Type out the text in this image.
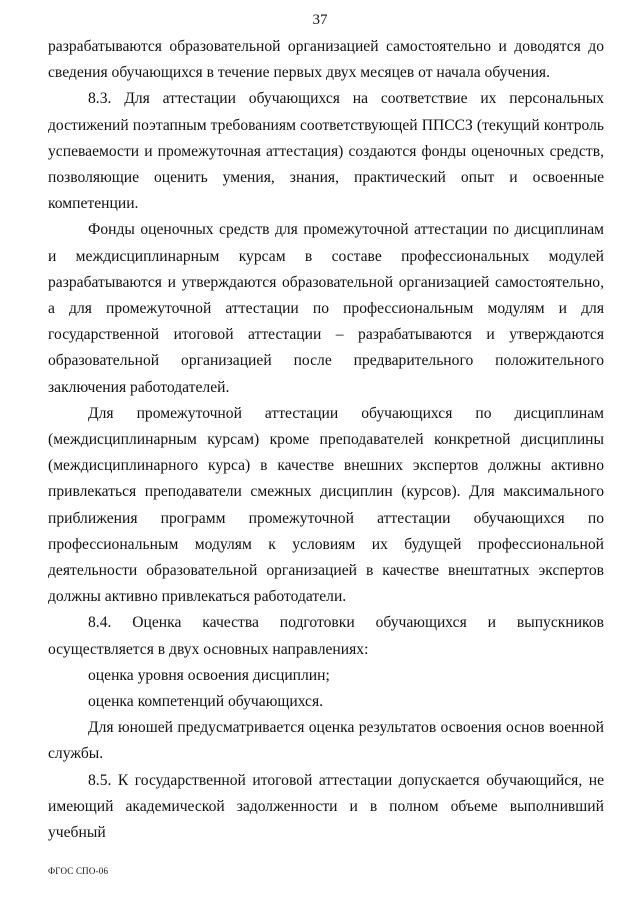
37

разрабатываются образовательной организацией самостоятельно и доводятся до сведения обучающихся в течение первых двух месяцев от начала обучения.

8.3. Для аттестации обучающихся на соответствие их персональных достижений поэтапным требованиям соответствующей ППССЗ (текущий контроль успеваемости и промежуточная аттестация) создаются фонды оценочных средств, позволяющие оценить умения, знания, практический опыт и освоенные компетенции.

Фонды оценочных средств для промежуточной аттестации по дисциплинам и междисциплинарным курсам в составе профессиональных модулей разрабатываются и утверждаются образовательной организацией самостоятельно, а для промежуточной аттестации по профессиональным модулям и для государственной итоговой аттестации – разрабатываются и утверждаются образовательной организацией после предварительного положительного заключения работодателей.

Для промежуточной аттестации обучающихся по дисциплинам (междисциплинарным курсам) кроме преподавателей конкретной дисциплины (междисциплинарного курса) в качестве внешних экспертов должны активно привлекаться преподаватели смежных дисциплин (курсов). Для максимального приближения программ промежуточной аттестации обучающихся по профессиональным модулям к условиям их будущей профессиональной деятельности образовательной организацией в качестве внештатных экспертов должны активно привлекаться работодатели.

8.4. Оценка качества подготовки обучающихся и выпускников осуществляется в двух основных направлениях:

оценка уровня освоения дисциплин;

оценка компетенций обучающихся.

Для юношей предусматривается оценка результатов освоения основ военной службы.

8.5. К государственной итоговой аттестации допускается обучающийся, не имеющий академической задолженности и в полном объеме выполнивший учебный

ФГОС СПО-06
